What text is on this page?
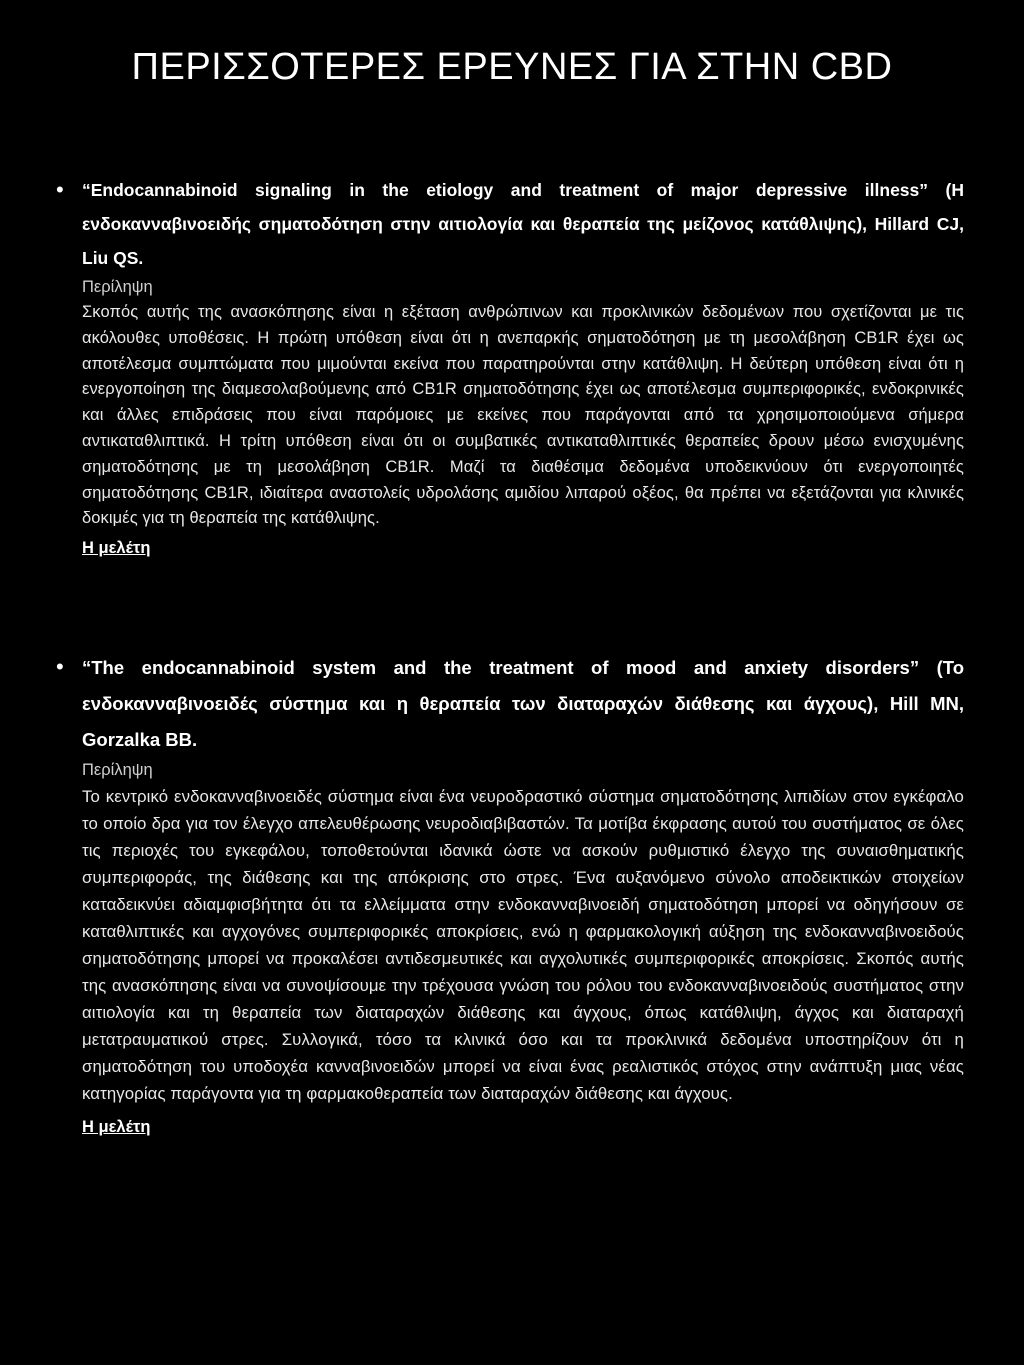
ΠΕΡΙΣΣΟΤΕΡΕΣ ΕΡΕΥΝΕΣ ΓΙΑ ΣΤΗΝ CBD
• “Endocannabinoid signaling in the etiology and treatment of major depressive illness” (Η ενδοκανναβινοειδής σηματοδότηση στην αιτιολογία και θεραπεία της μείζονος κατάθλιψης), Hillard CJ, Liu QS.

Περίληψη

Σκοπός αυτής της ανασκόπησης είναι η εξέταση ανθρώπινων και προκλινικών δεδομένων που σχετίζονται με τις ακόλουθες υποθέσεις. Η πρώτη υπόθεση είναι ότι η ανεπαρκής σηματοδότηση με τη μεσολάβηση CB1R έχει ως αποτέλεσμα συμπτώματα που μιμούνται εκείνα που παρατηρούνται στην κατάθλιψη. Η δεύτερη υπόθεση είναι ότι η ενεργοποίηση της διαμεσολαβούμενης από CB1R σηματοδότησης έχει ως αποτέλεσμα συμπεριφορικές, ενδοκρινικές και άλλες επιδράσεις που είναι παρόμοιες με εκείνες που παράγονται από τα χρησιμοποιούμενα σήμερα αντικαταθλιπτικά. Η τρίτη υπόθεση είναι ότι οι συμβατικές αντικαταθλιπτικές θεραπείες δρουν μέσω ενισχυμένης σηματοδότησης με τη μεσολάβηση CB1R. Μαζί τα διαθέσιμα δεδομένα υποδεικνύουν ότι ενεργοποιητές σηματοδότησης CB1R, ιδιαίτερα αναστολείς υδρολάσης αμιδίου λιπαρού οξέος, θα πρέπει να εξετάζονται για κλινικές δοκιμές για τη θεραπεία της κατάθλιψης.

Η μελέτη
• “The endocannabinoid system and the treatment of mood and anxiety disorders” (Το ενδοκανναβινοειδές σύστημα και η θεραπεία των διαταραχών διάθεσης και άγχους), Hill MN, Gorzalka BB.

Περίληψη

Το κεντρικό ενδοκανναβινοειδές σύστημα είναι ένα νευροδραστικό σύστημα σηματοδότησης λιπιδίων στον εγκέφαλο το οποίο δρα για τον έλεγχο απελευθέρωσης νευροδιαβιβαστών. Τα μοτίβα έκφρασης αυτού του συστήματος σε όλες τις περιοχές του εγκεφάλου, τοποθετούνται ιδανικά ώστε να ασκούν ρυθμιστικό έλεγχο της συναισθηματικής συμπεριφοράς, της διάθεσης και της απόκρισης στο στρες. Ένα αυξανόμενο σύνολο αποδεικτικών στοιχείων καταδεικνύει αδιαμφισβήτητα ότι τα ελλείμματα στην ενδοκανναβινοειδή σηματοδότηση μπορεί να οδηγήσουν σε καταθλιπτικές και αγχογόνες συμπεριφορικές αποκρίσεις, ενώ η φαρμακολογική αύξηση της ενδοκανναβινοειδούς σηματοδότησης μπορεί να προκαλέσει αντιδεσμευτικές και αγχολυτικές συμπεριφορικές αποκρίσεις. Σκοπός αυτής της ανασκόπησης είναι να συνοψίσουμε την τρέχουσα γνώση του ρόλου του ενδοκανναβινοειδούς συστήματος στην αιτιολογία και τη θεραπεία των διαταραχών διάθεσης και άγχους, όπως κατάθλιψη, άγχος και διαταραχή μετατραυματικού στρες. Συλλογικά, τόσο τα κλινικά όσο και τα προκλινικά δεδομένα υποστηρίζουν ότι η σηματοδότηση του υποδοχέα κανναβινοειδών μπορεί να είναι ένας ρεαλιστικός στόχος στην ανάπτυξη μιας νέας κατηγορίας παράγοντα για τη φαρμακοθεραπεία των διαταραχών διάθεσης και άγχους.

Η μελέτη
